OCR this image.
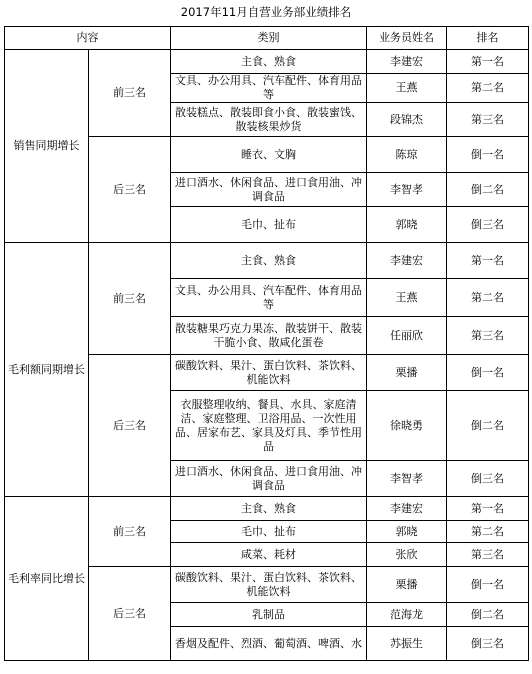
2017年11月自营业务部业绩排名
内容		类别	业务员姓名	排名
销售同期增长	前三名	主食、熟食	李建宏	第一名
		文具、办公用具、汽车配件、体育用品等	王燕	第二名
		散装糕点、散装即食小食、散装蜜饯、散装核果炒货	段锦杰	第三名
	后三名	睡衣、文胸	陈琼	倒一名
		进口酒水、休闲食品、进口食用油、冲调食品	李智孝	倒二名
		毛巾、扯布	郭晓	倒三名
毛利额同期增长	前三名	主食、熟食	李建宏	第一名
		文具、办公用具、汽车配件、体育用品等	王燕	第二名
		散装糖果巧克力果冻、散装饼干、散装干脆小食、散咸化蛋卷	任丽欣	第三名
	后三名	碳酸饮料、果汁、蛋白饮料、茶饮料、机能饮料	栗播	倒一名
		衣服整理收纳、餐具、水具、家庭清洁、家庭整理、卫浴用品、一次性用品、居家布艺、家具及灯具、季节性用品	徐晓勇	倒二名
		进口酒水、休闲食品、进口食用油、冲调食品	李智孝	倒三名
毛利率同比增长	前三名	主食、熟食	李建宏	第一名
		毛巾、扯布	郭晓	第二名
		咸菜、耗材	张欣	第三名
	后三名	碳酸饮料、果汁、蛋白饮料、茶饮料、机能饮料	栗播	倒一名
		乳制品	范海龙	倒二名
		香烟及配件、烈酒、葡萄酒、啤酒、水	苏振生	倒三名
